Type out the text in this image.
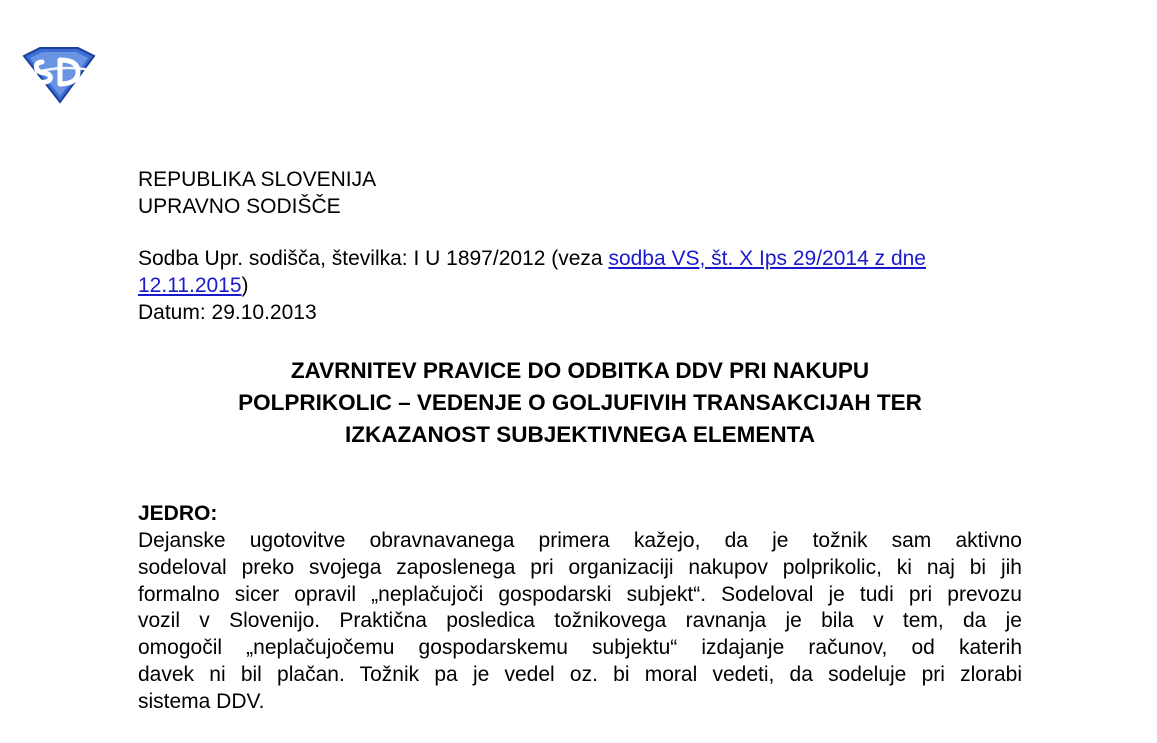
REPUBLIKA SLOVENIJA
UPRAVNO SODIŠČE
Sodba Upr. sodišča, številka: I U 1897/2012 (veza sodba VS, št. X Ips 29/2014 z dne 12.11.2015)
Datum: 29.10.2013
ZAVRNITEV PRAVICE DO ODBITKA DDV PRI NAKUPU
POLPRIKOLIC – VEDENJE O GOLJUFIVIH TRANSAKCIJAH TER
IZKAZANOST SUBJEKTIVNEGA ELEMENTA
JEDRO:
Dejanske ugotovitve obravnavanega primera kažejo, da je tožnik sam aktivno
sodeloval preko svojega zaposlenega pri organizaciji nakupov polprikolic, ki naj bi jih
formalno sicer opravil „neplačujoči gospodarski subjekt“. Sodeloval je tudi pri prevozu
vozil v Slovenijo. Praktična posledica tožnikovega ravnanja je bila v tem, da je
omogočil „neplačujočemu gospodarskemu subjektu“ izdajanje računov, od katerih
davek ni bil plačan. Tožnik pa je vedel oz. bi moral vedeti, da sodeluje pri zlorabi
sistema DDV.
